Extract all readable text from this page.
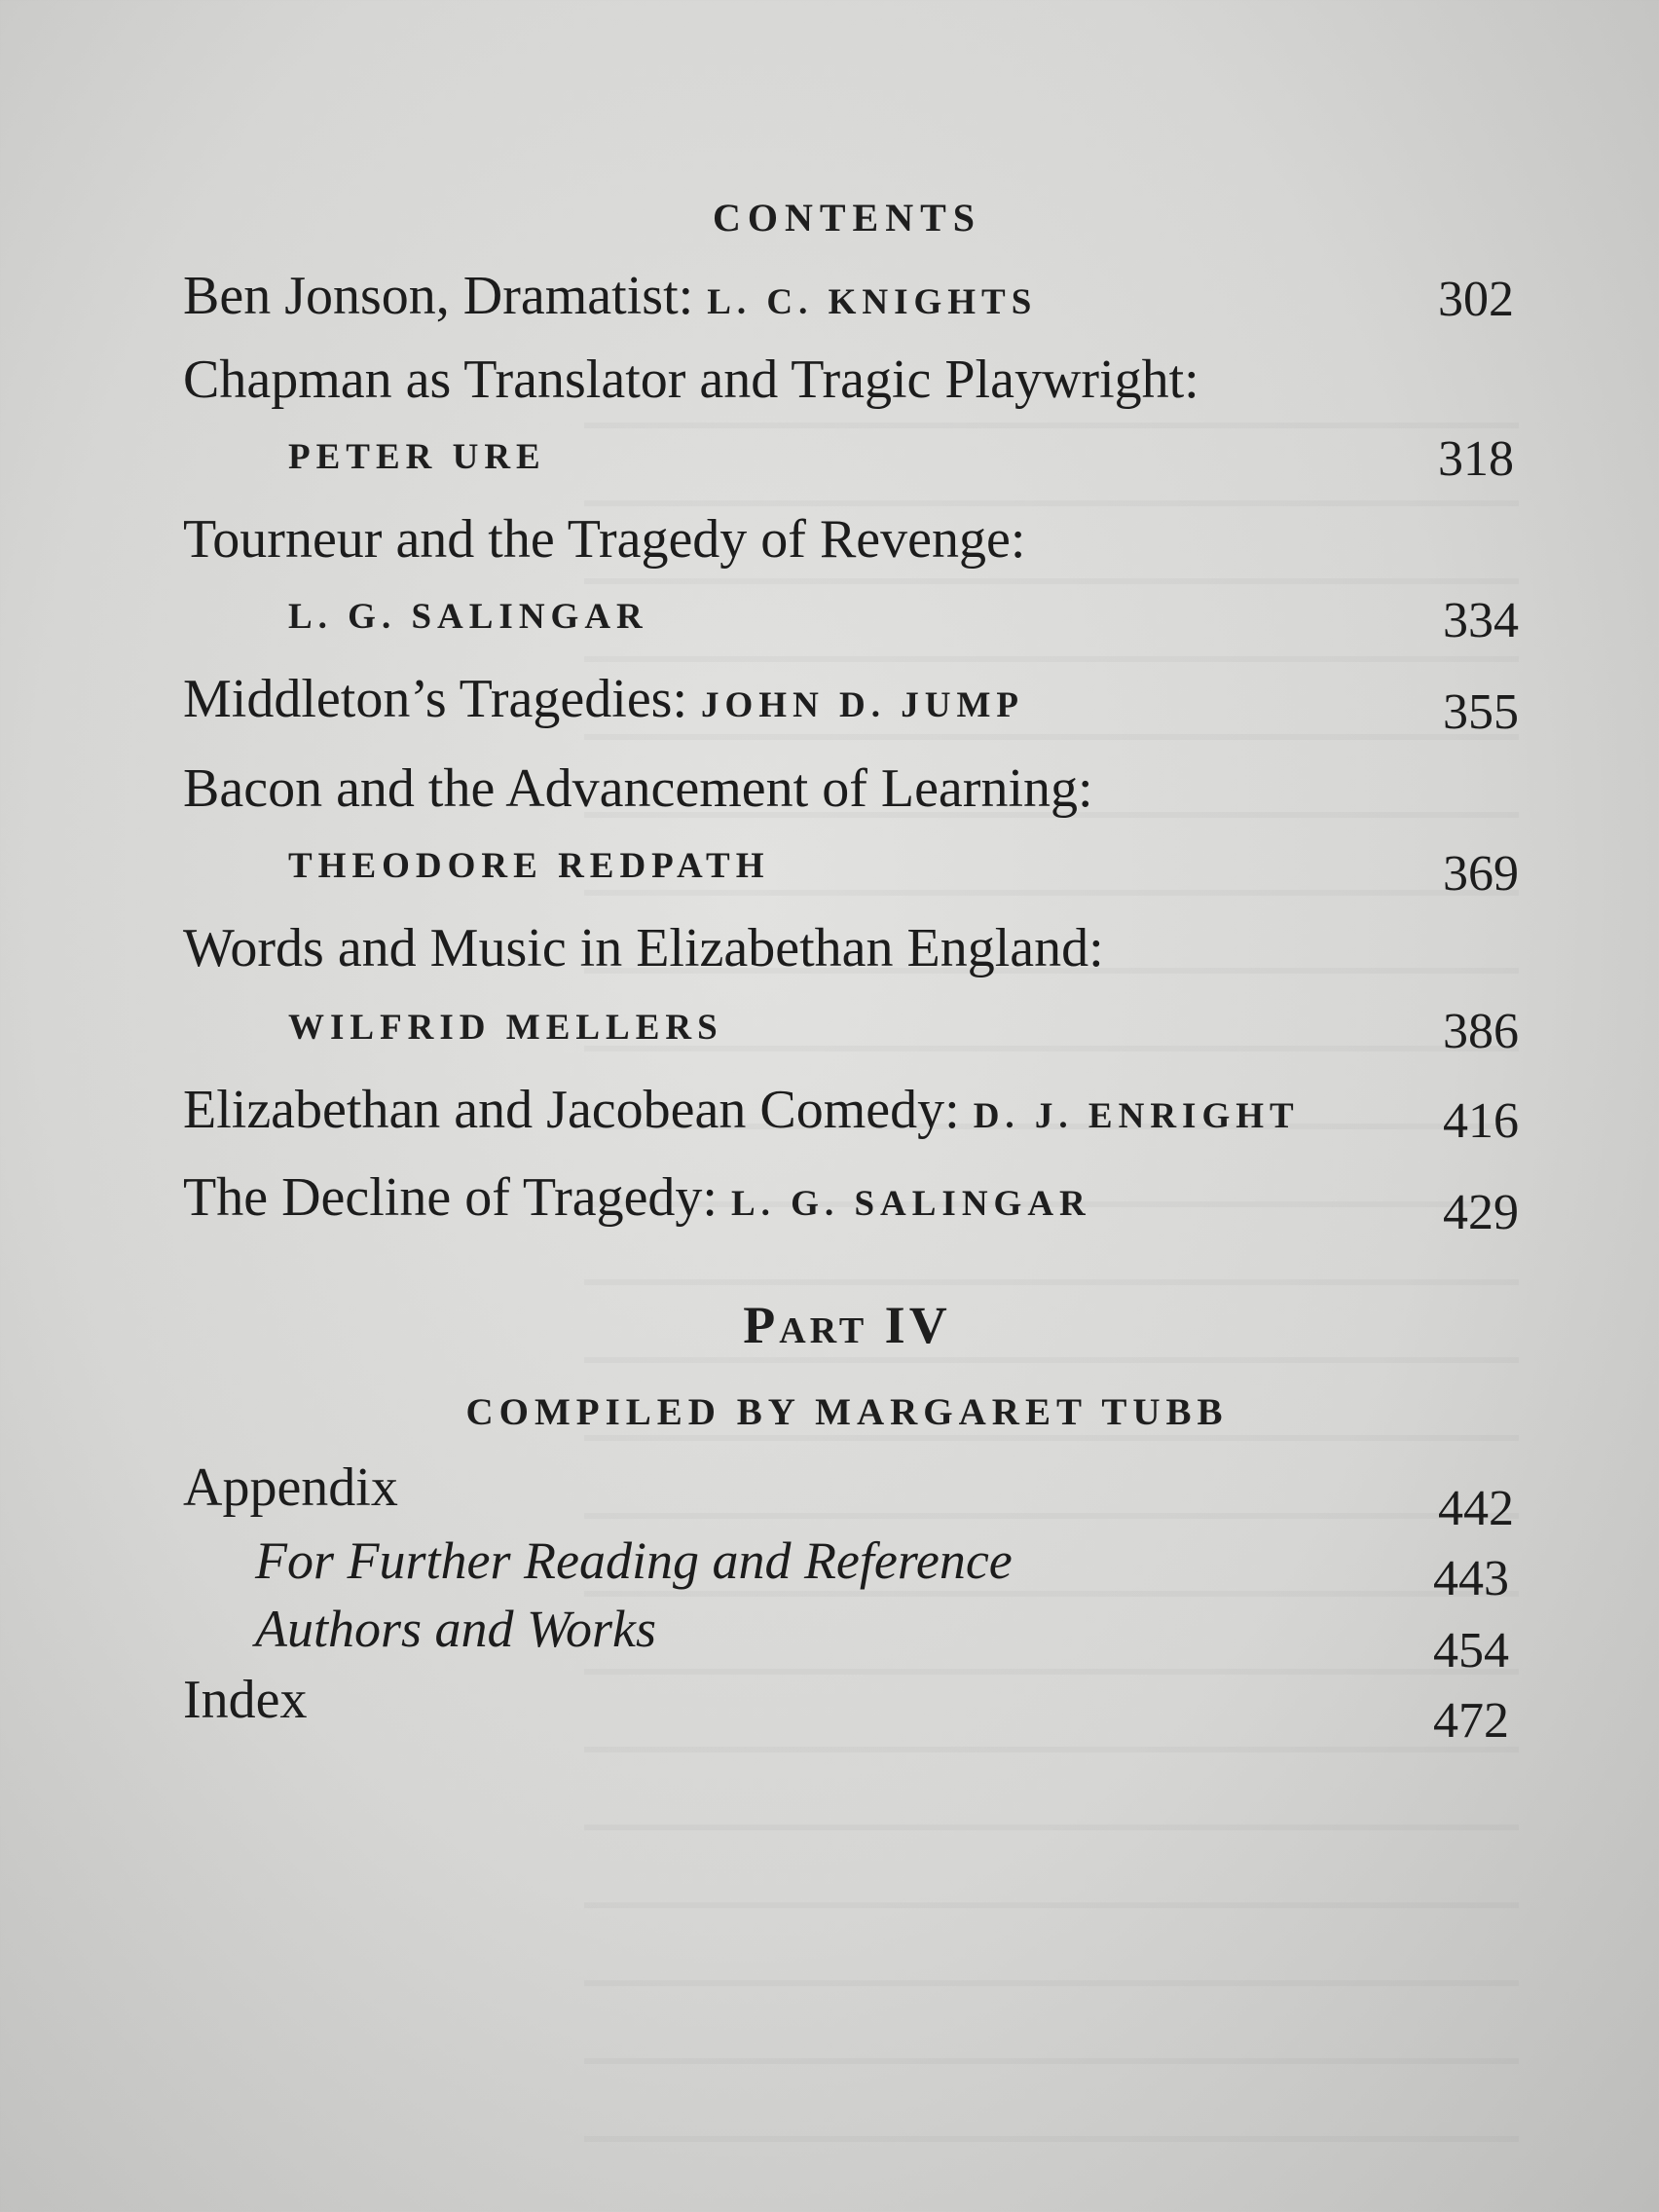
CONTENTS
Ben Jonson, Dramatist: L. C. KNIGHTS	302
Chapman as Translator and Tragic Playwright:
PETER URE	318
Tourneur and the Tragedy of Revenge:
L. G. SALINGAR	334
Middleton’s Tragedies: JOHN D. JUMP	355
Bacon and the Advancement of Learning:
THEODORE REDPATH	369
Words and Music in Elizabethan England:
WILFRID MELLERS	386
Elizabethan and Jacobean Comedy: D. J. ENRIGHT	416
The Decline of Tragedy: L. G. SALINGAR	429
Part IV
COMPILED BY MARGARET TUBB
Appendix	442
For Further Reading and Reference	443
Authors and Works	454
Index	472
